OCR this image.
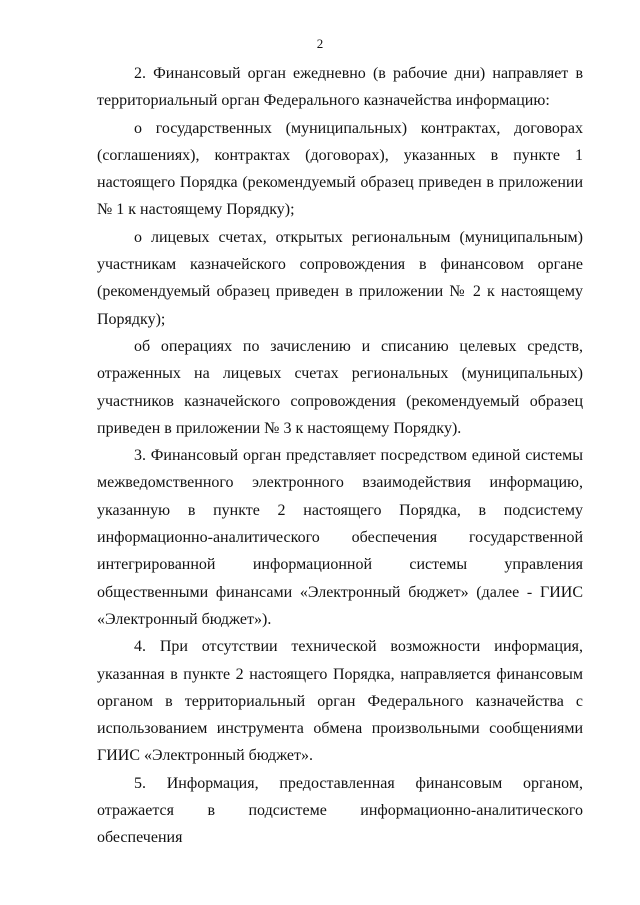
2

2. Финансовый орган ежедневно (в рабочие дни) направляет в территориальный орган Федерального казначейства информацию:

о государственных (муниципальных) контрактах, договорах (соглашениях), контрактах (договорах), указанных в пункте 1 настоящего Порядка (рекомендуемый образец приведен в приложении № 1 к настоящему Порядку);

о лицевых счетах, открытых региональным (муниципальным) участникам казначейского сопровождения в финансовом органе (рекомендуемый образец приведен в приложении № 2 к настоящему Порядку);

об операциях по зачислению и списанию целевых средств, отраженных на лицевых счетах региональных (муниципальных) участников казначейского сопровождения (рекомендуемый образец приведен в приложении № 3 к настоящему Порядку).

3. Финансовый орган представляет посредством единой системы межведомственного электронного взаимодействия информацию, указанную в пункте 2 настоящего Порядка, в подсистему информационно-аналитического обеспечения государственной интегрированной информационной системы управления общественными финансами «Электронный бюджет» (далее - ГИИС «Электронный бюджет»).

4. При отсутствии технической возможности информация, указанная в пункте 2 настоящего Порядка, направляется финансовым органом в территориальный орган Федерального казначейства с использованием инструмента обмена произвольными сообщениями ГИИС «Электронный бюджет».

5. Информация, предоставленная финансовым органом, отражается в подсистеме информационно-аналитического обеспечения
